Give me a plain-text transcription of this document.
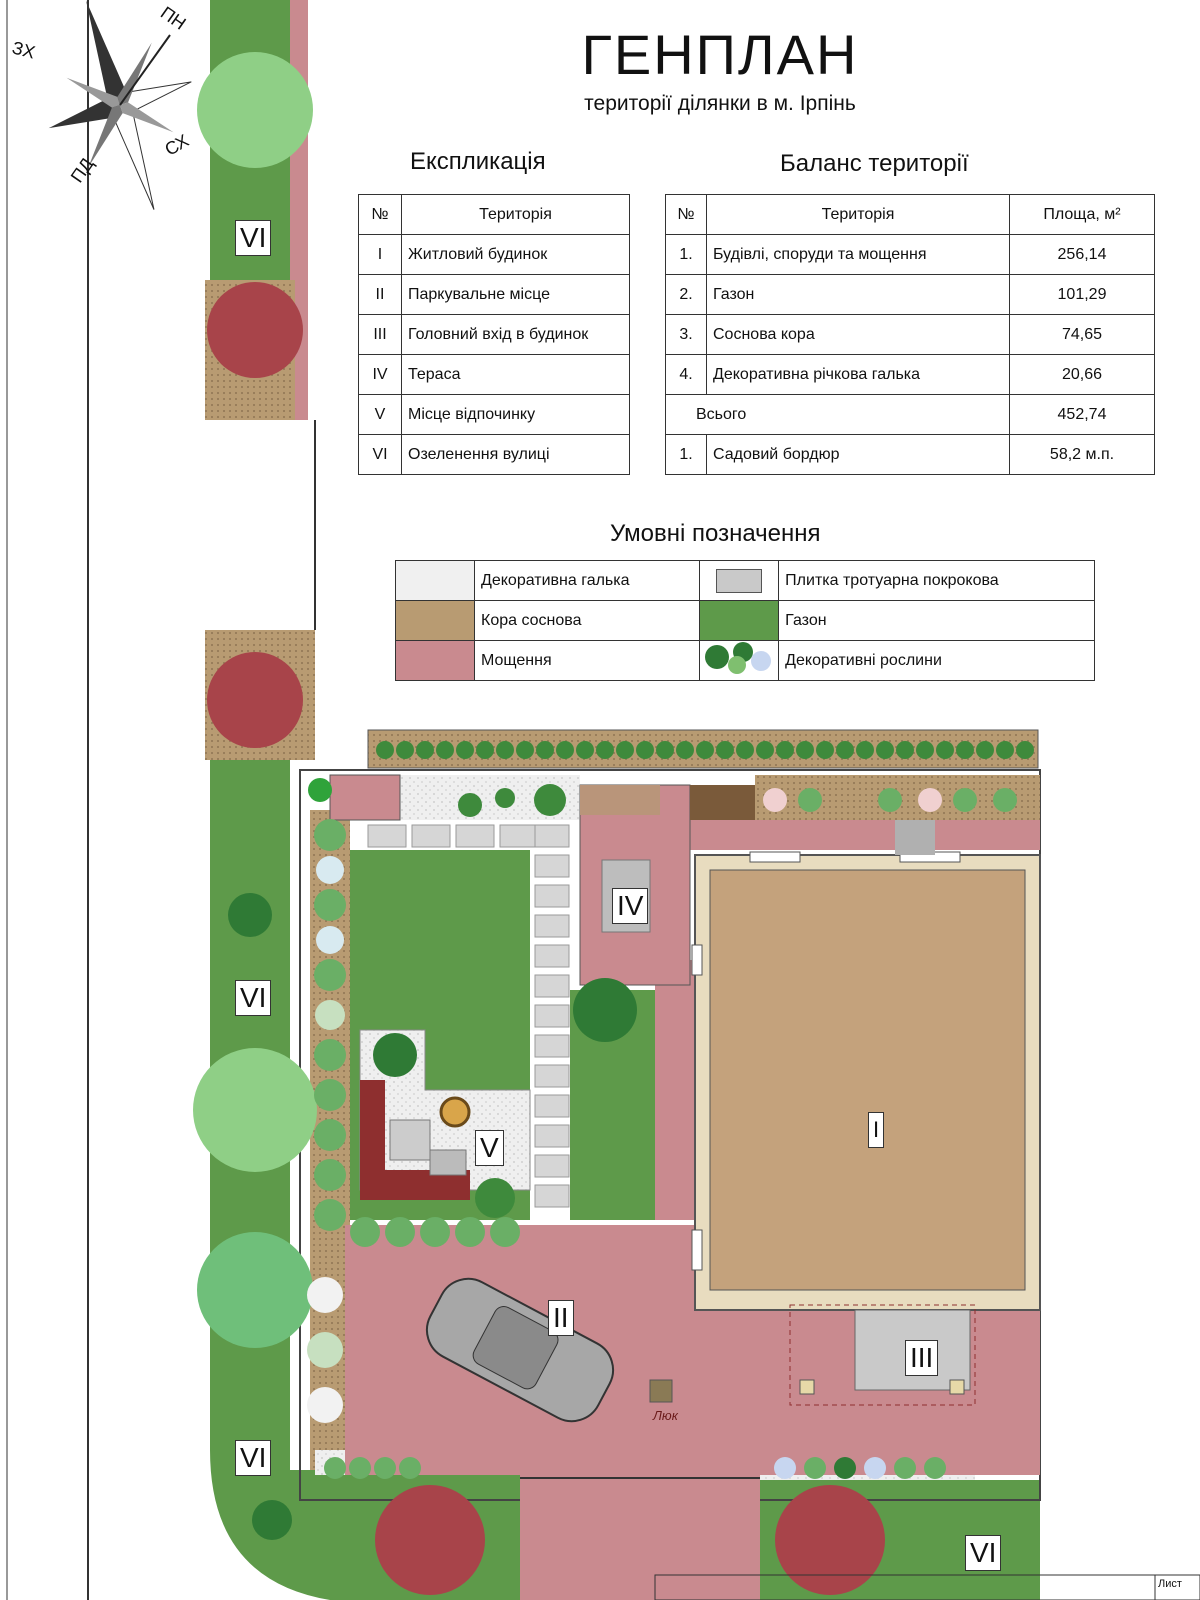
ПН
ЗХ
СХ
ПД
ГЕНПЛАН
території ділянки в м. Ірпінь
Експликація	Баланс території
№	Територія
I	Житловий будинок
II	Паркувальне місце
III	Головний вхід в будинок
IV	Тераса
V	Місце відпочинку
VI	Озеленення вулиці
№	Територія	Площа, м²
1.	Будівлі, споруди та мощення	256,14
2.	Газон	101,29
3.	Соснова кора	74,65
4.	Декоративна річкова галька	20,66
Всього		452,74
1.	Садовий бордюр	58,2 м.п.
Умовні позначення
	Декоративна галька		Плитка тротуарна покрокова
	Кора соснова		Газон
	Мощення		Декоративні рослини
VI
VI
VI
VI
IV
V
I
II
III
Люк
Лист
